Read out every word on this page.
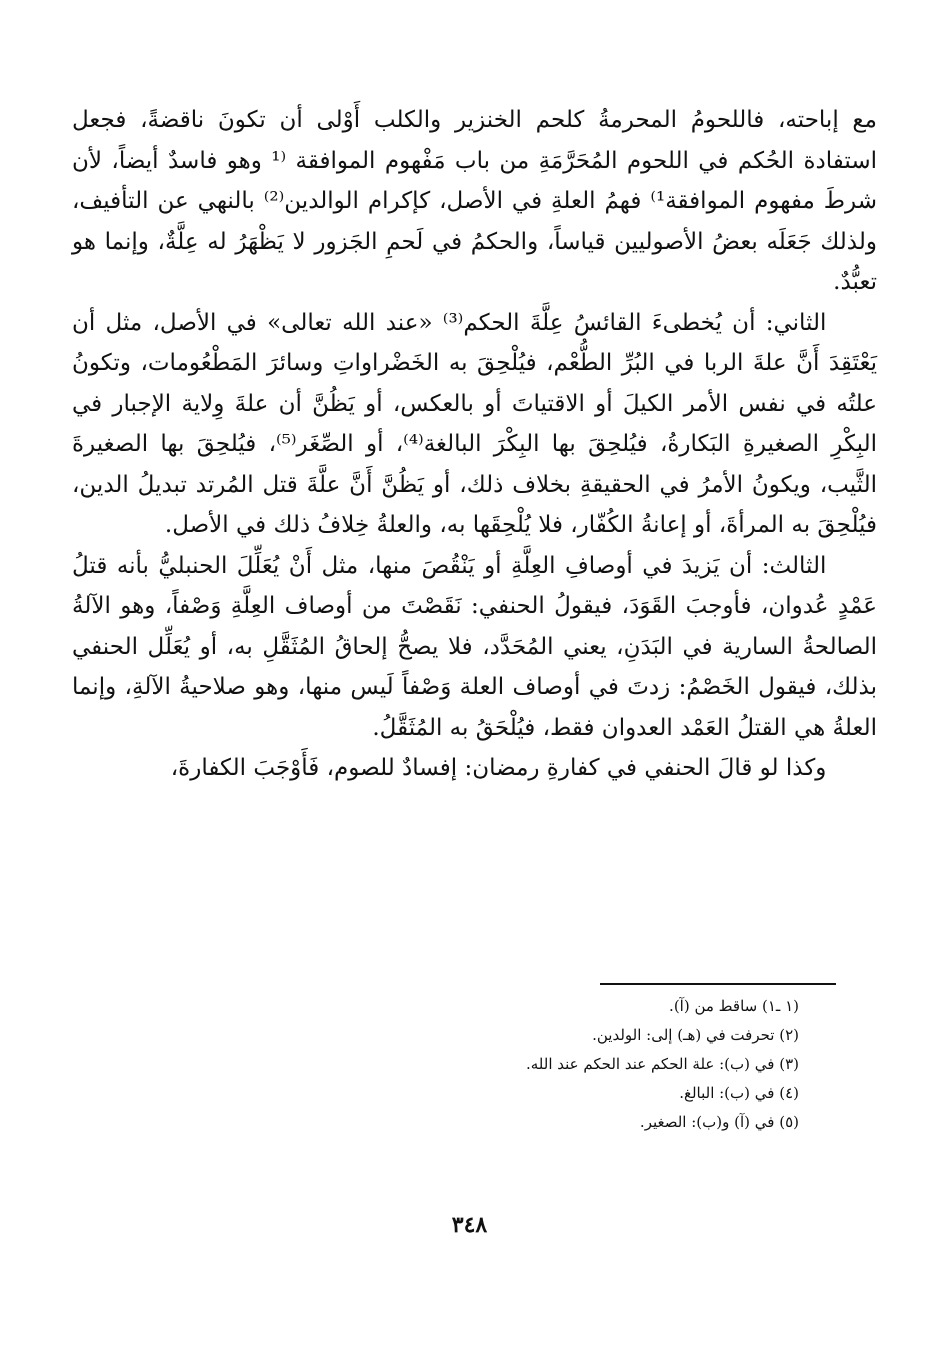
مع إباحته، فاللحومُ المحرمةُ كلحم الخنزير والكلب أَوْلى أن تكونَ ناقضةً، فجعل استفادة الحُكم في اللحوم المُحَرَّمَةِ من باب مَفْهوم الموافقة ⁽¹ وهو فاسدٌ أيضاً، لأن شرطَ مفهوم الموافقة¹⁾ فهمُ العلةِ في الأصل، كإكرام الوالدين⁽²⁾ بالنهي عن التأفيف، ولذلك جَعَلَه بعضُ الأصوليين قياساً، والحكمُ في لَحمِ الجَزور لا يَظْهَرُ له عِلَّةٌ، وإنما هو تعبُّدٌ.

الثاني: أن يُخطىءَ القائسُ عِلَّةَ الحكم⁽³⁾ «عند الله تعالى» في الأصل، مثل أن يَعْتَقِدَ أَنَّ علةَ الربا في البُرِّ الطُّعْم، فيُلْحِقَ به الخَضْراواتِ وسائرَ المَطْعُومات، وتكونُ علتُه في نفس الأمر الكيلَ أو الاقتياتَ أو بالعكس، أو يَظُنَّ أن علةَ وِلاية الإجبار في البِكْرِ الصغيرةِ البَكارةُ، فيُلحِقَ بها البِكْرَ البالغة⁽⁴⁾، أو الصِّغَر⁽⁵⁾، فيُلحِقَ بها الصغيرةَ الثَّيب، ويكونُ الأمرُ في الحقيقةِ بخلاف ذلك، أو يَظُنَّ أَنَّ علَّةَ قتل المُرتد تبديلُ الدين، فيُلْحِقَ به المرأةَ، أو إعانةُ الكُفّار، فلا يُلْحِقَها به، والعلةُ خِلافُ ذلك في الأصل.

الثالث: أن يَزيدَ في أوصافِ العِلَّةِ أو يَنْقُصَ منها، مثل أَنْ يُعَلِّلَ الحنبليُّ بأنه قتلُ عَمْدٍ عُدوان، فأوجبَ القَوَدَ، فيقولُ الحنفي: نَقَصْتَ من أوصاف العِلَّةِ وَصْفاً، وهو الآلةُ الصالحةُ السارية في البَدَنِ، يعني المُحَدَّد، فلا يصحُّ إلحاقُ المُثَقَّلِ به، أو يُعَلِّل الحنفي بذلك، فيقول الخَصْمُ: زدتَ في أوصاف العلة وَصْفاً لَيس منها، وهو صلاحيةُ الآلةِ، وإنما العلةُ هي القتلُ العَمْد العدوان فقط، فيُلْحَقُ به المُثَقَّلُ.

وكذا لو قالَ الحنفي في كفارةِ رمضان: إفسادٌ للصوم، فَأَوْجَبَ الكفارةَ،

(١ ـ١) ساقط من (آ).
(٢) تحرفت في (هـ) إلى: الولدين.
(٣) في (ب): علة الحكم عند الحكم عند الله.
(٤) في (ب): البالغ.
(٥) في (آ) و(ب): الصغير.
٣٤٨
